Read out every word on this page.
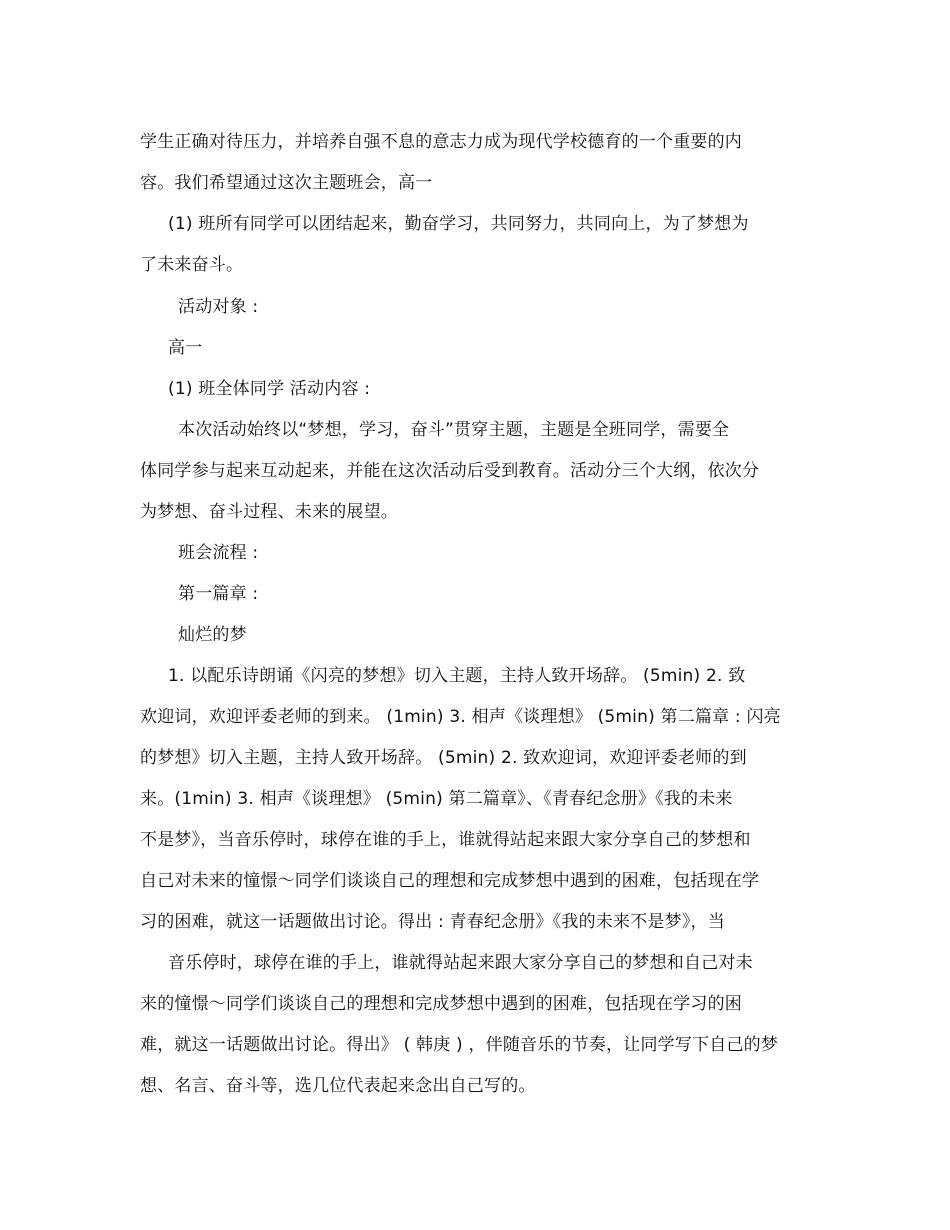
学生正确对待压力，并培养自强不息的意志力成为现代学校德育的一个重要的内
容。我们希望通过这次主题班会，高一
(1) 班所有同学可以团结起来，勤奋学习，共同努力，共同向上，为了梦想为
了未来奋斗。
活动对象 :
高一
(1) 班全体同学 活动内容 :
本次活动始终以“梦想，学习，奋斗”贯穿主题，主题是全班同学，需要全
体同学参与起来互动起来，并能在这次活动后受到教育。活动分三个大纲，依次分
为梦想、奋斗过程、未来的展望。
班会流程 :
第一篇章 :
灿烂的梦
1. 以配乐诗朗诵《闪亮的梦想》切入主题，主持人致开场辞。 (5min) 2. 致
欢迎词，欢迎评委老师的到来。 (1min) 3. 相声《谈理想》 (5min) 第二篇章 : 闪亮
的梦想》切入主题，主持人致开场辞。 (5min) 2. 致欢迎词，欢迎评委老师的到
来。(1min) 3. 相声《谈理想》 (5min) 第二篇章》、《青春纪念册》《我的未来
不是梦》，当音乐停时，球停在谁的手上，谁就得站起来跟大家分享自己的梦想和
自己对未来的憧憬～同学们谈谈自己的理想和完成梦想中遇到的困难，包括现在学
习的困难，就这一话题做出讨论。得出 : 青春纪念册》《我的未来不是梦》，当
音乐停时，球停在谁的手上，谁就得站起来跟大家分享自己的梦想和自己对未
来的憧憬～同学们谈谈自己的理想和完成梦想中遇到的困难，包括现在学习的困
难，就这一话题做出讨论。得出》 ( 韩庚 ) ，伴随音乐的节奏，让同学写下自己的梦
想、名言、奋斗等，选几位代表起来念出自己写的。
